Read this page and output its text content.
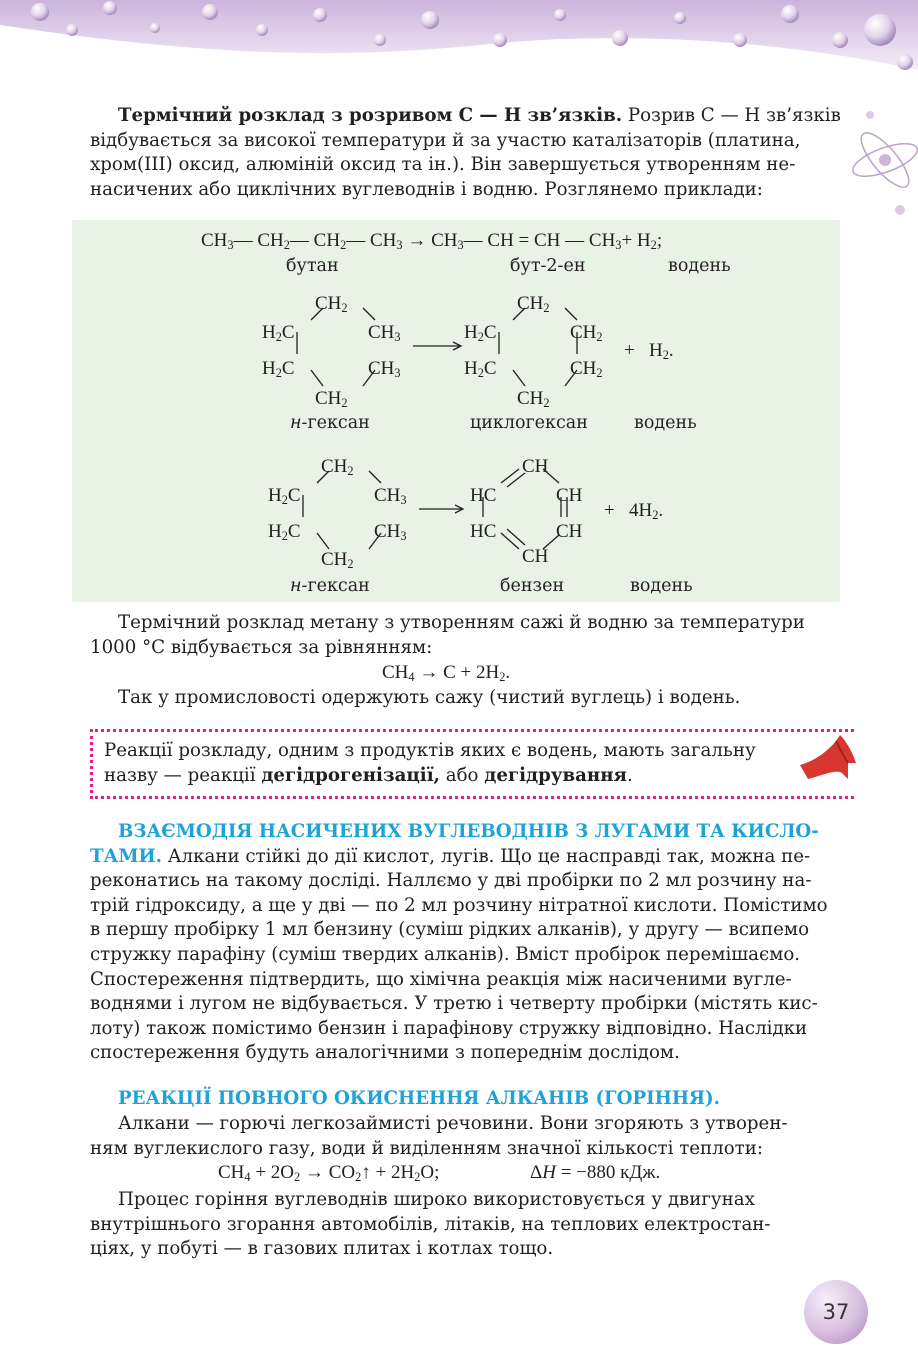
Термічний розклад з розривом С — Н зв’язків. Розрив С — Н зв’язків
відбувається за високої температури й за участю каталізаторів (платина,
хром(ІІІ) оксид, алюміній оксид та ін.). Він завершується утворенням не-
насичених або циклічних вуглеводнів і водню. Розглянемо приклади:
$CH_3—$ $CH_2—$ $CH_2—$ $CH_3$ → $CH_3—$ CH = CH — $CH_3+ H_2$;
бутан	бут-2-ен	водень
$CH_2$
$H_2C$	$CH_3$
$H_2C$	$CH_3$
$CH_2$
$CH_2$
$H_2C$	$CH_2$
$H_2C$	$CH_2$
$CH_2$
+   $H_2$.
н-гексан	циклогексан	водень
$CH_2$
$H_2C$	$CH_3$
$H_2C$	$CH_3$
$CH_2$
CH
HC	CH
HC	CH
CH
+   $4H_2$.
н-гексан	бензен	водень
Термічний розклад метану з утворенням сажі й водню за температури
1000 °С відбувається за рівнянням:
$CH_4 \to C + 2H_2$.
Так у промисловості одержують сажу (чистий вуглець) і водень.
Реакції розкладу, одним з продуктів яких є водень, мають загальну
назву — реакції дегідрогенізації, або дегідрування.
ВЗАЄМОДІЯ НАСИЧЕНИХ ВУГЛЕВОДНІВ З ЛУГАМИ ТА КИСЛО-
ТАМИ. Алкани стійкі до дії кислот, лугів. Що це насправді так, можна пе-
реконатись на такому досліді. Наллємо у дві пробірки по 2 мл розчину на-
трій гідроксиду, а ще у дві — по 2 мл розчину нітратної кислоти. Помістимо
в першу пробірку 1 мл бензину (суміш рідких алканів), у другу — всипемо
стружку парафіну (суміш твердих алканів). Вміст пробірок перемішаємо.
Спостереження підтвердить, що хімічна реакція між насиченими вугле-
воднями і лугом не відбувається. У третю і четверту пробірки (містять кис-
лоту) також помістимо бензин і парафінову стружку відповідно. Наслідки
спостереження будуть аналогічними з попереднім дослідом.
РЕАКЦІЇ ПОВНОГО ОКИСНЕННЯ АЛКАНІВ (ГОРІННЯ).
Алкани — горючі легкозаймисті речовини. Вони згоряють з утворен-
ням вуглекислого газу, води й виділенням значної кількості теплоти:
$CH_4 + 2O_2$ → $CO_2↑ + 2H_2O$;	ΔH = −880 кДж.
Процес горіння вуглеводнів широко використовується у двигунах
внутрішнього згорання автомобілів, літаків, на теплових електростан-
ціях, у побуті — в газових плитах і котлах тощо.
37
